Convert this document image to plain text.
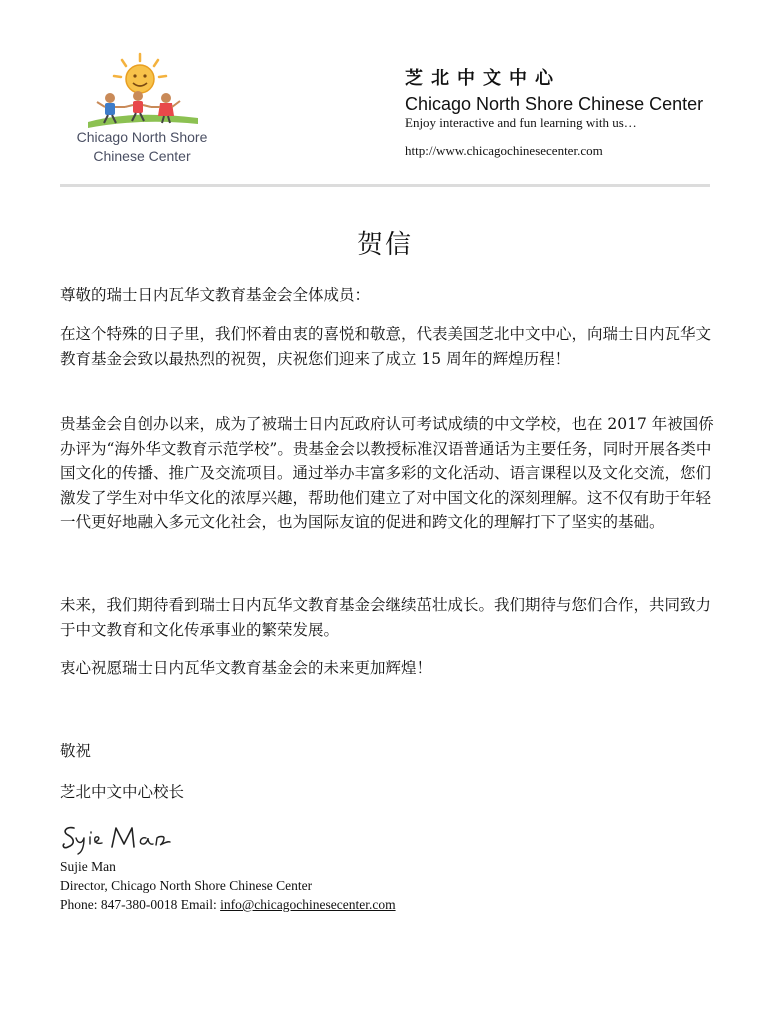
Chicago North Shore
Chinese Center
芝北中文中心
Chicago North Shore Chinese Center
Enjoy interactive and fun learning with us…
http://www.chicagochinesecenter.com
贺信

尊敬的瑞士日内瓦华文教育基金会全体成员：

在这个特殊的日子里，我们怀着由衷的喜悦和敬意，代表美国芝北中文中心，向瑞士日内瓦华文教育基金会致以最热烈的祝贺，庆祝您们迎来了成立 15 周年的辉煌历程！

贵基金会自创办以来，成为了被瑞士日内瓦政府认可考试成绩的中文学校，也在 2017 年被国侨办评为“海外华文教育示范学校”。贵基金会以教授标准汉语普通话为主要任务，同时开展各类中国文化的传播、推广及交流项目。通过举办丰富多彩的文化活动、语言课程以及文化交流，您们激发了学生对中华文化的浓厚兴趣，帮助他们建立了对中国文化的深刻理解。这不仅有助于年轻一代更好地融入多元文化社会，也为国际友谊的促进和跨文化的理解打下了坚实的基础。

未来，我们期待看到瑞士日内瓦华文教育基金会继续茁壮成长。我们期待与您们合作，共同致力于中文教育和文化传承事业的繁荣发展。

衷心祝愿瑞士日内瓦华文教育基金会的未来更加辉煌！

敬祝

芝北中文中心校长

Sujie Man
Director, Chicago North Shore Chinese Center
Phone: 847-380-0018 Email: info@chicagochinesecenter.com
